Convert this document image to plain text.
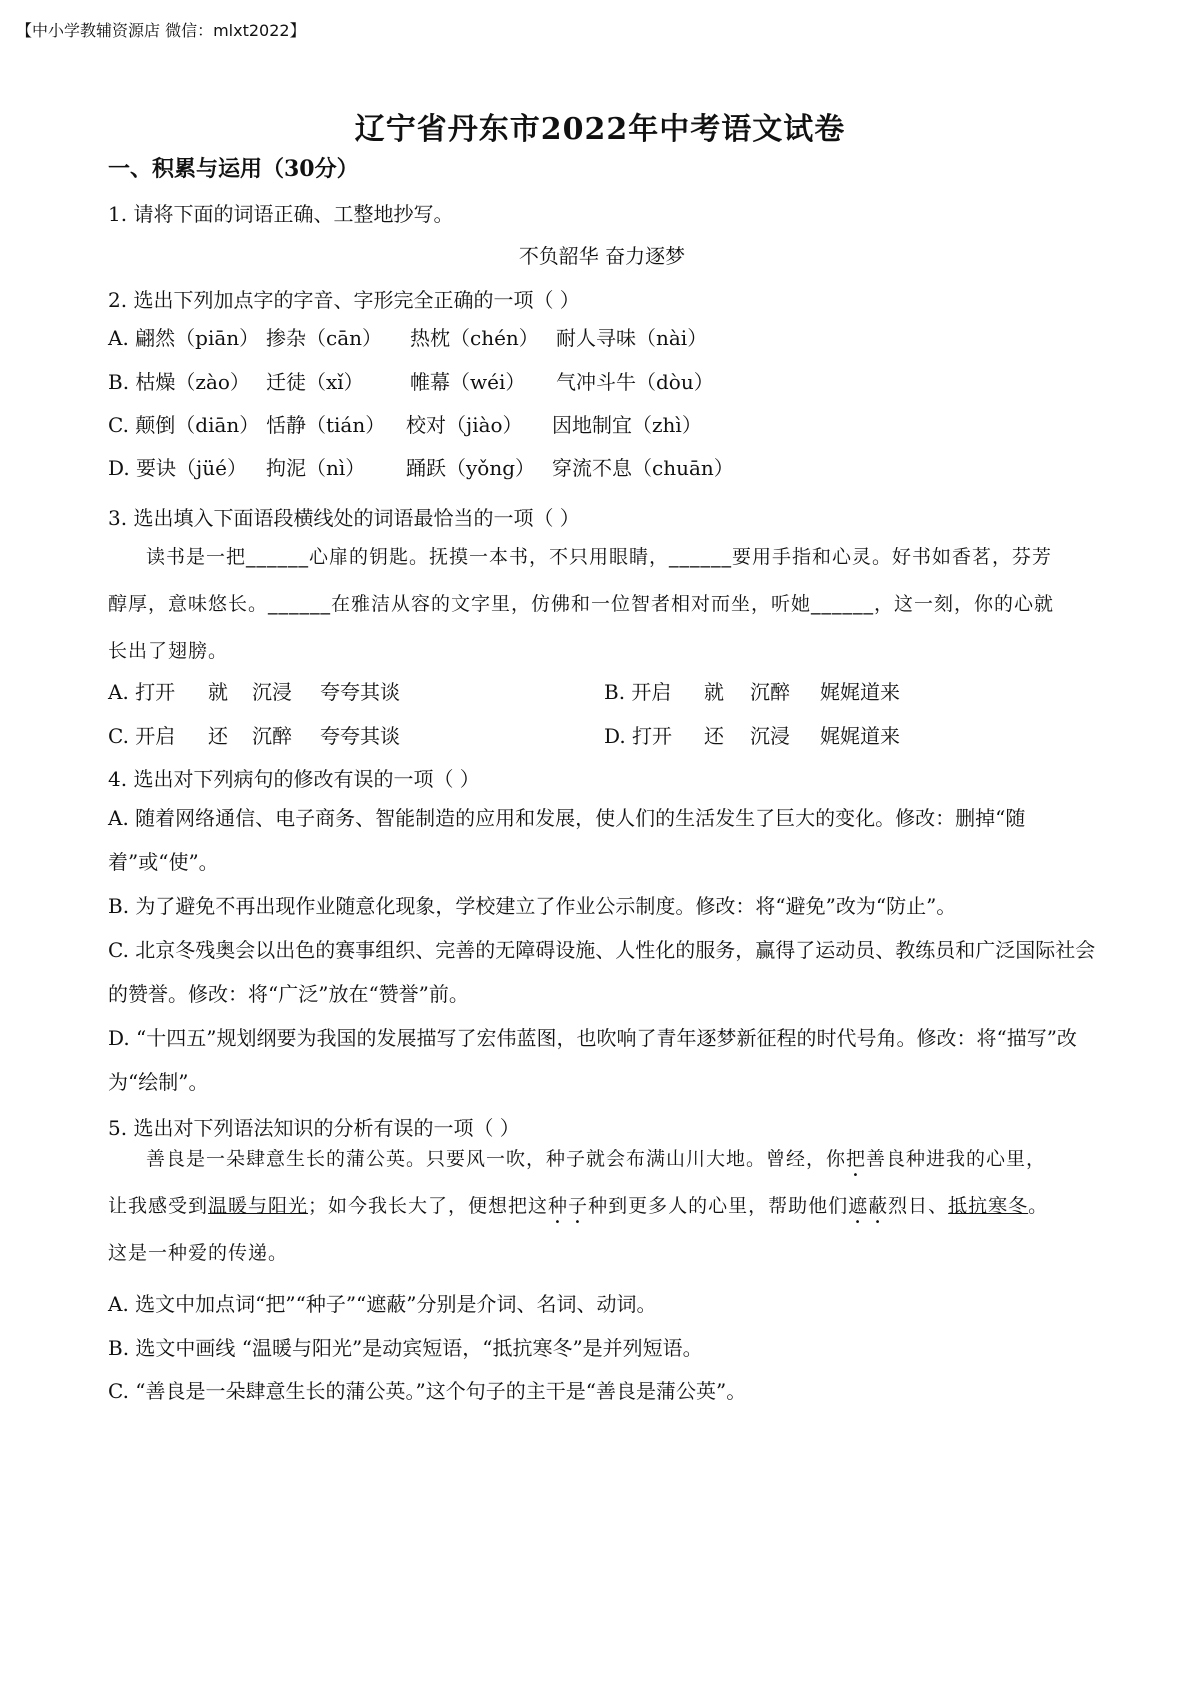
【中小学教辅资源店 微信：mlxt2022】
辽宁省丹东市2022年中考语文试卷
一、积累与运用（30分）
1. 请将下面的词语正确、工整地抄写。
不负韶华 奋力逐梦
2. 选出下列加点字的字音、字形完全正确的一项（ ）
A. 翩然（piān） 掺杂（cān） 热枕（chén） 耐人寻味（nài）
B. 枯燥（zào） 迁徒（xǐ） 帷幕（wéi） 气冲斗牛（dòu）
C. 颠倒（diān） 恬静（tián） 校对（jiào） 因地制宜（zhì）
D. 要诀（jüé） 拘泥（nì） 踊跃（yǒng） 穿流不息（chuān）
3. 选出填入下面语段横线处的词语最恰当的一项（ ）
读书是一把______心扉的钥匙。抚摸一本书，不只用眼睛，______要用手指和心灵。好书如香茗，芬芳
醇厚，意味悠长。______在雅洁从容的文字里，仿佛和一位智者相对而坐，听她______，这一刻，你的心就
长出了翅膀。
A. 打开 就 沉浸 夸夸其谈	B. 开启 就 沉醉 娓娓道来
C. 开启 还 沉醉 夸夸其谈	D. 打开 还 沉浸 娓娓道来
4. 选出对下列病句的修改有误的一项（ ）
A. 随着网络通信、电子商务、智能制造的应用和发展，使人们的生活发生了巨大的变化。修改：删掉“随着”或“使”。
B. 为了避免不再出现作业随意化现象，学校建立了作业公示制度。修改：将“避免”改为“防止”。
C. 北京冬残奥会以出色的赛事组织、完善的无障碍设施、人性化的服务，赢得了运动员、教练员和广泛国际社会的赞誉。修改：将“广泛”放在“赞誉”前。
D. “十四五”规划纲要为我国的发展描写了宏伟蓝图，也吹响了青年逐梦新征程的时代号角。修改：将“描写”改为“绘制”。
5. 选出对下列语法知识的分析有误的一项（ ）
善良是一朵肆意生长的蒲公英。只要风一吹，种子就会布满山川大地。曾经，你把善良种进我的心里，
让我感受到温暖与阳光；如今我长大了，便想把这种子种到更多人的心里，帮助他们遮蔽烈日、抵抗寒冬。
这是一种爱的传递。
A. 选文中加点词“把”“种子”“遮蔽”分别是介词、名词、动词。
B. 选文中画线 “温暖与阳光”是动宾短语，“抵抗寒冬”是并列短语。
C. “善良是一朵肆意生长的蒲公英。”这个句子的主干是“善良是蒲公英”。
